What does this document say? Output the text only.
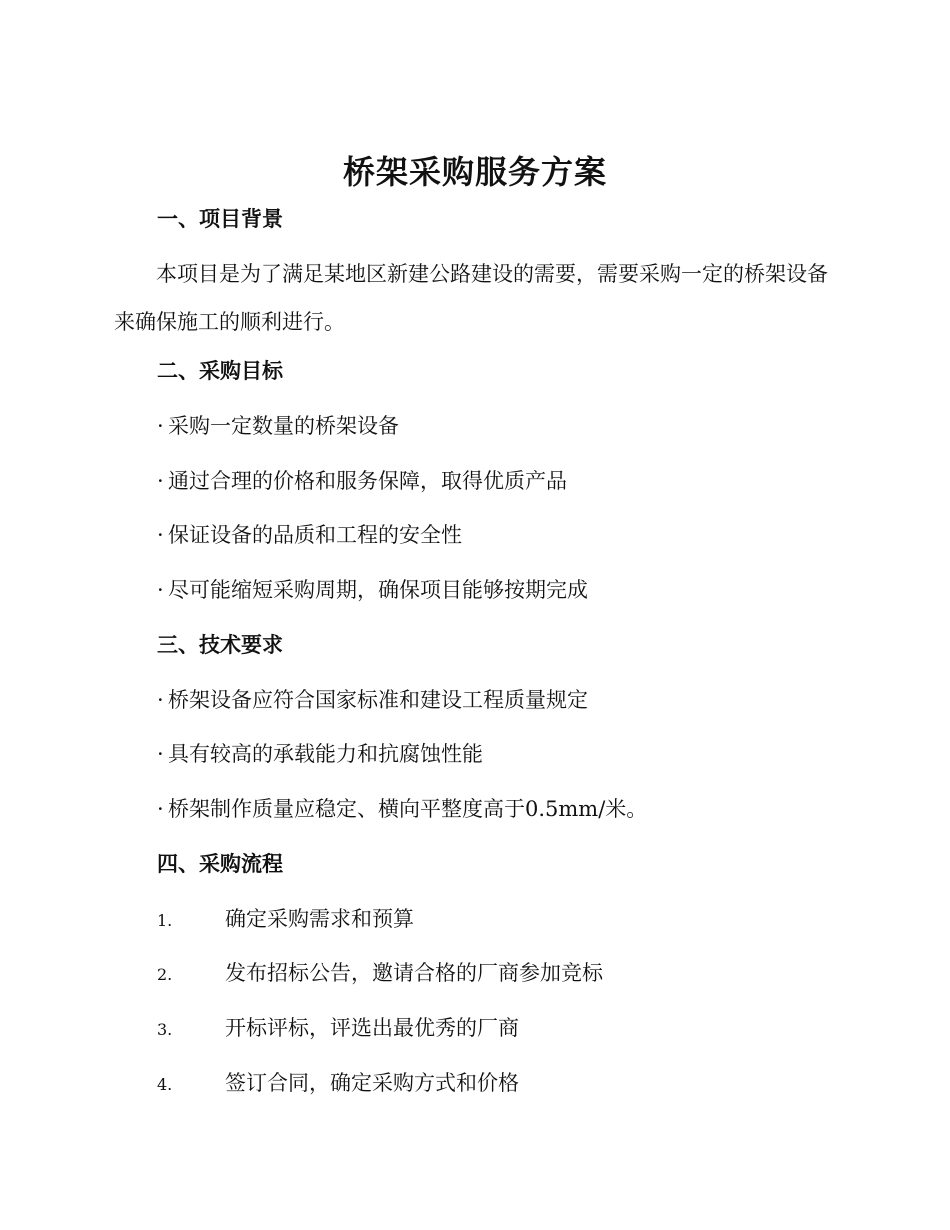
桥架采购服务方案
一、项目背景

本项目是为了满足某地区新建公路建设的需要，需要采购一定的桥架设备来确保施工的顺利进行。

二、采购目标
· 采购一定数量的桥架设备
· 通过合理的价格和服务保障，取得优质产品
· 保证设备的品质和工程的安全性
· 尽可能缩短采购周期，确保项目能够按期完成
三、技术要求
· 桥架设备应符合国家标准和建设工程质量规定
· 具有较高的承载能力和抗腐蚀性能
· 桥架制作质量应稳定、横向平整度高于0.5mm/米。
四、采购流程
1.	确定采购需求和预算
2.	发布招标公告，邀请合格的厂商参加竞标
3.	开标评标，评选出最优秀的厂商
4.	签订合同，确定采购方式和价格
